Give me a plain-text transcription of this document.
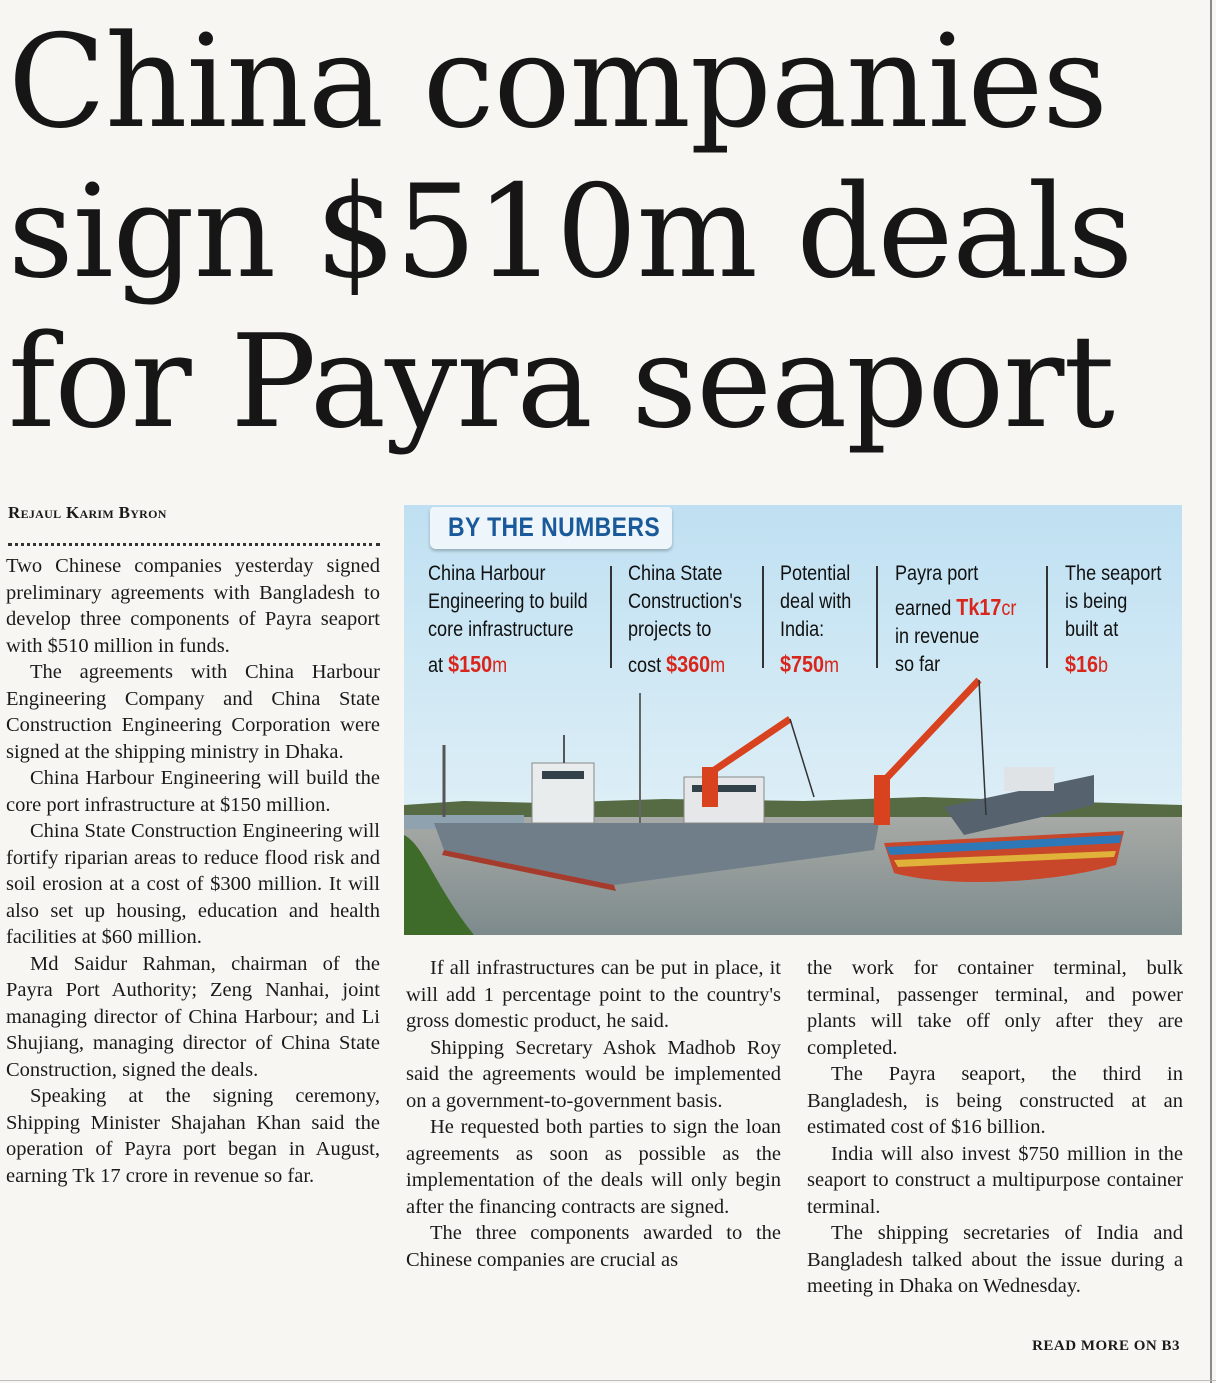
China companies
sign $510m deals
for Payra seaport
Rejaul Karim Byron	BY THE NUMBERS
China Harbour
Engineering to build
core infrastructure
at $150m
China State
Construction's
projects to
cost $360m
Potential
deal with
India:
$750m
Payra port
earned Tk17cr
in revenue
so far
The seaport
is being
built at
$16b

Two Chinese companies yesterday signed preliminary agreements with Bangladesh to develop three components of Payra seaport with $510 million in funds.

The agreements with China Harbour Engineering Company and China State Construction Engineering Corporation were signed at the shipping ministry in Dhaka.

China Harbour Engineering will build the core port infrastructure at $150 million.

China State Construction Engineering will fortify riparian areas to reduce flood risk and soil erosion at a cost of $300 million. It will also set up housing, education and health facilities at $60 million.

Md Saidur Rahman, chairman of the Payra Port Authority; Zeng Nanhai, joint managing director of China Harbour; and Li Shujiang, managing director of China State Construction, signed the deals.

Speaking at the signing ceremony, Shipping Minister Shajahan Khan said the operation of Payra port began in August, earning Tk 17 crore in revenue so far.

If all infrastructures can be put in place, it will add 1 percentage point to the country's gross domestic product, he said.

Shipping Secretary Ashok Madhob Roy said the agreements would be implemented on a government-to-government basis.

He requested both parties to sign the loan agreements as soon as possible as the implementation of the deals will only begin after the financing contracts are signed.

The three components awarded to the Chinese companies are crucial as

the work for container terminal, bulk terminal, passenger terminal, and power plants will take off only after they are completed.

The Payra seaport, the third in Bangladesh, is being constructed at an estimated cost of $16 billion.

India will also invest $750 million in the seaport to construct a multipurpose container terminal.

The shipping secretaries of India and Bangladesh talked about the issue during a meeting in Dhaka on Wednesday.

READ MORE ON B3
